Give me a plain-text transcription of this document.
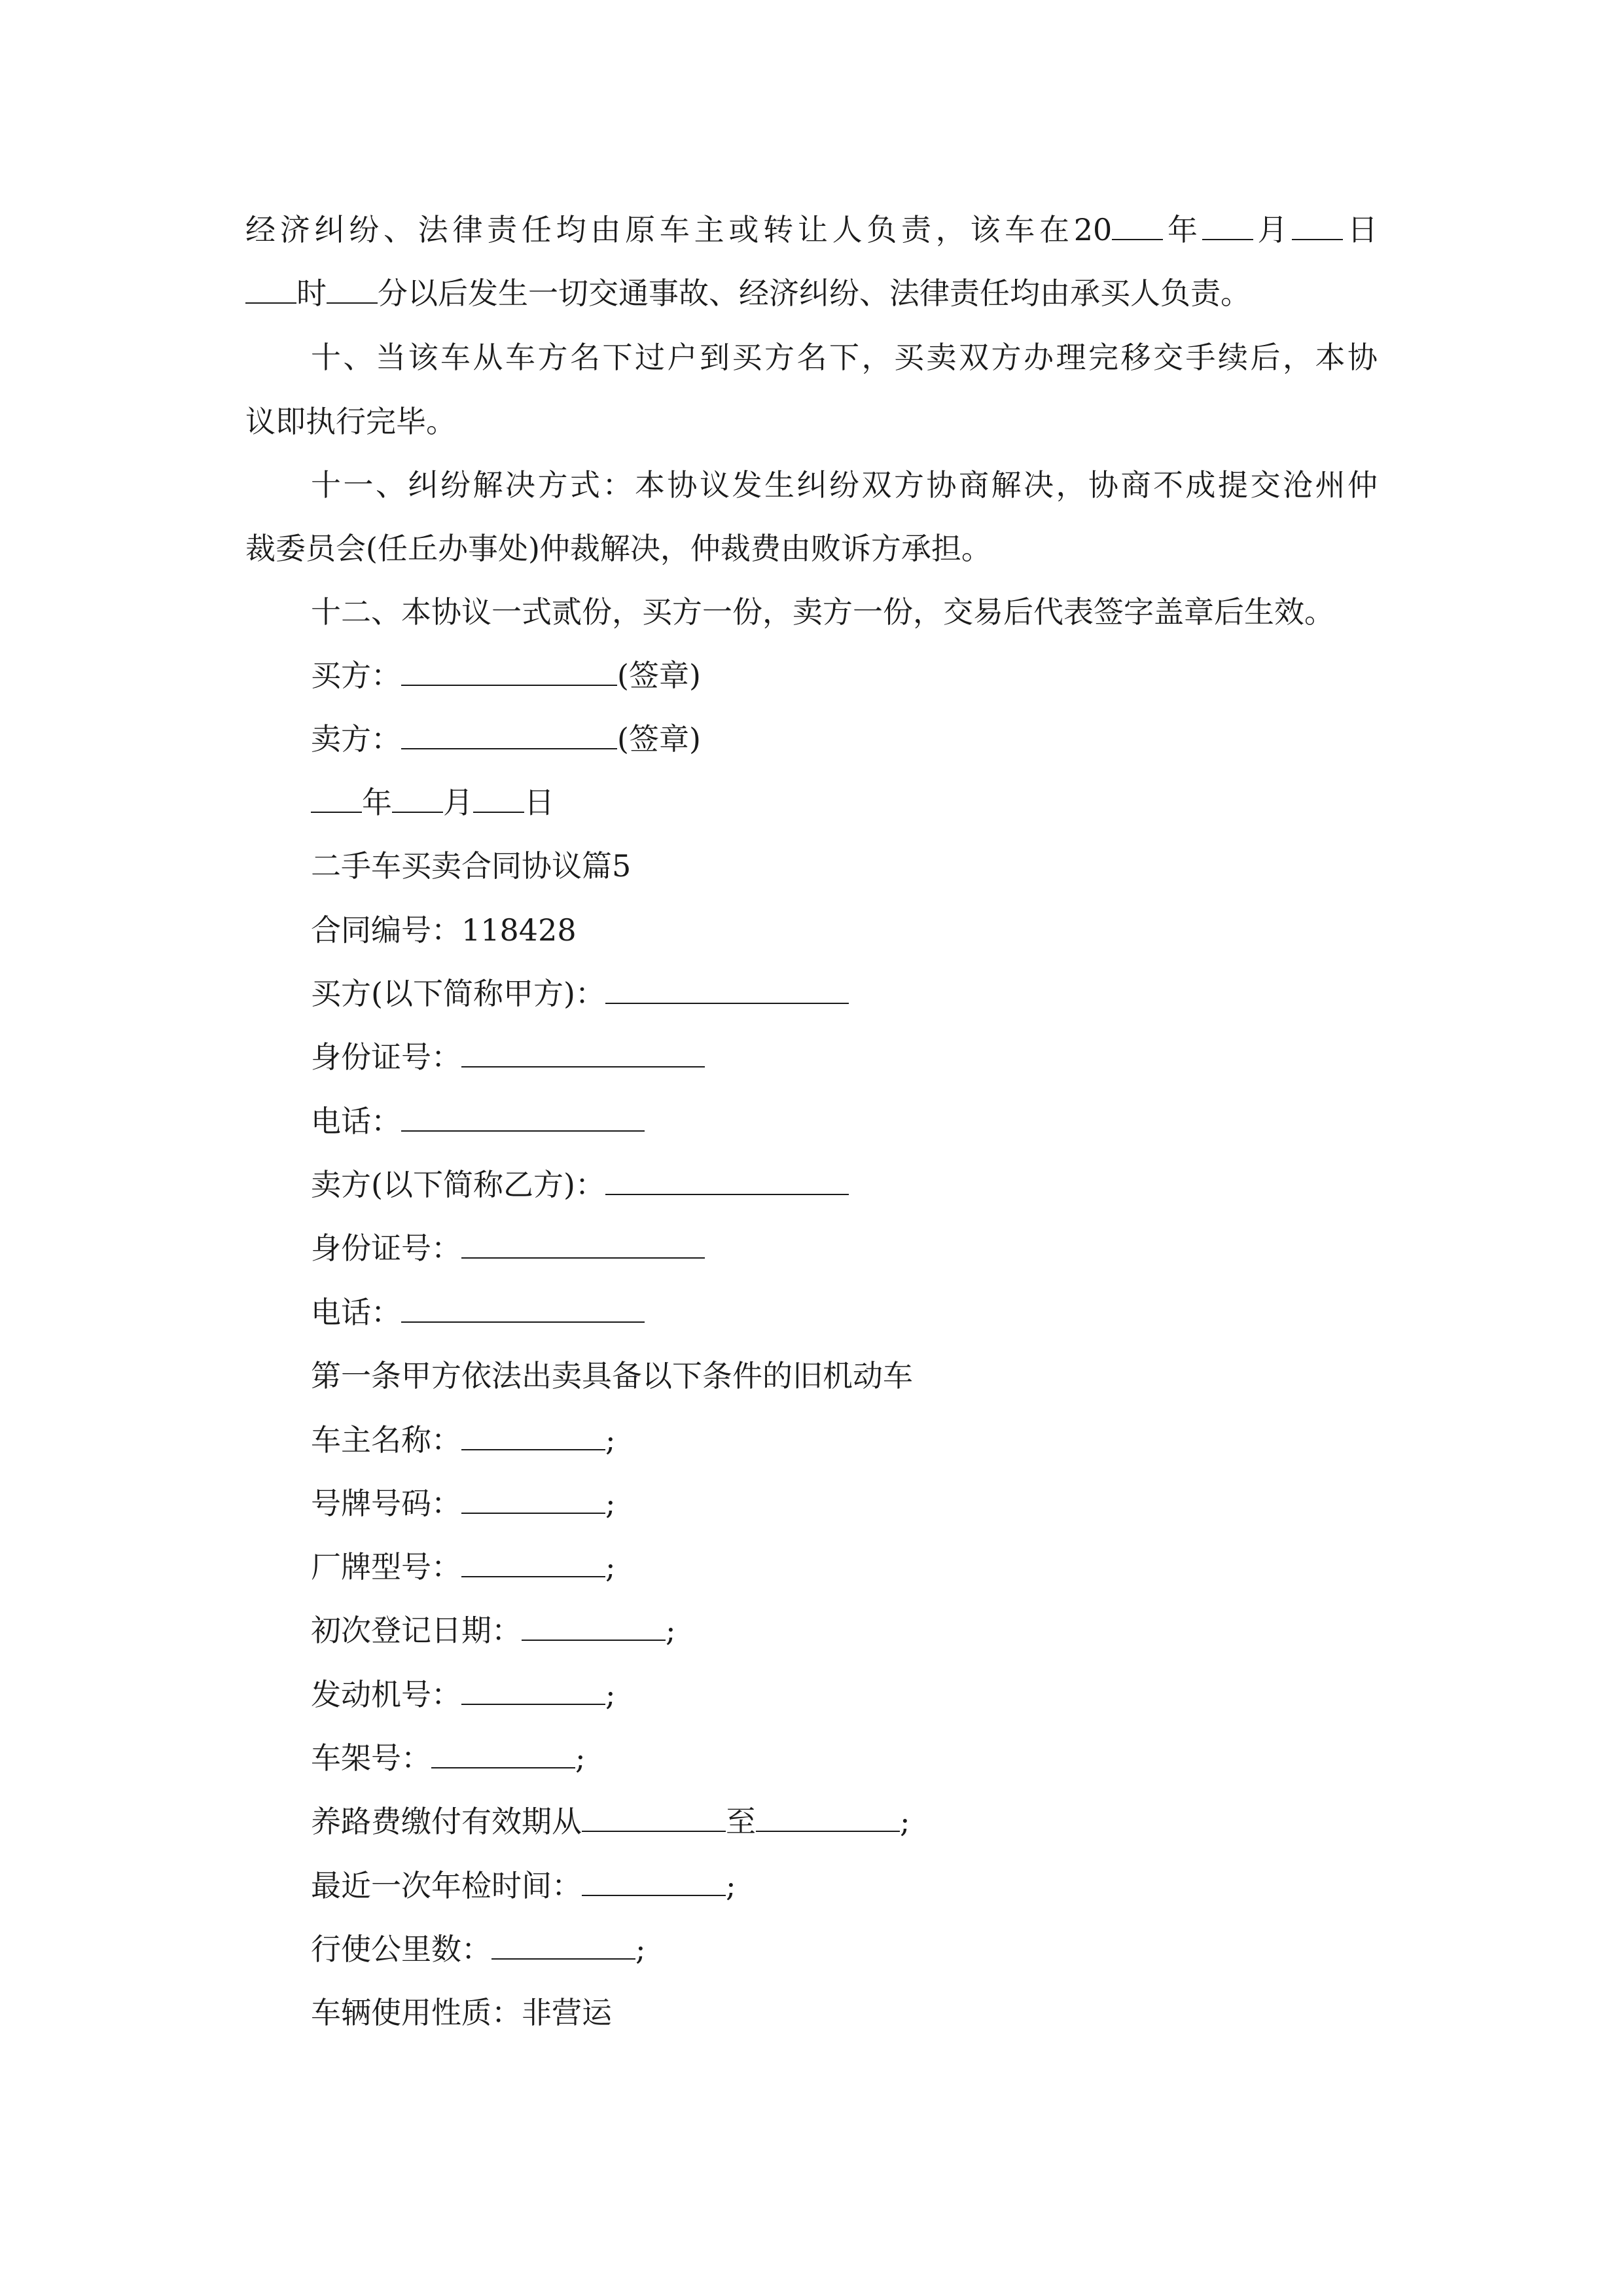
经济纠纷、法律责任均由原车主或转让人负责，该车在20 年 月 日
时 分以后发生一切交通事故、经济纠纷、法律责任均由承买人负责。
十、当该车从车方名下过户到买方名下，买卖双方办理完移交手续后，本协
议即执行完毕。
十一、纠纷解决方式：本协议发生纠纷双方协商解决，协商不成提交沧州仲
裁委员会(任丘办事处)仲裁解决，仲裁费由败诉方承担。
十二、本协议一式贰份，买方一份，卖方一份，交易后代表签字盖章后生效。
买方：	(签章)
卖方：	(签章)
年 月 日
二手车买卖合同协议篇5
合同编号：118428
买方(以下简称甲方)：
身份证号：
电话：
卖方(以下简称乙方)：
身份证号：
电话：
第一条甲方依法出卖具备以下条件的旧机动车
车主名称：	;
号牌号码：	;
厂牌型号：	;
初次登记日期：	;
发动机号：	;
车架号：	;
养路费缴付有效期从	至	;
最近一次年检时间：	;
行使公里数：	;
车辆使用性质：非营运
